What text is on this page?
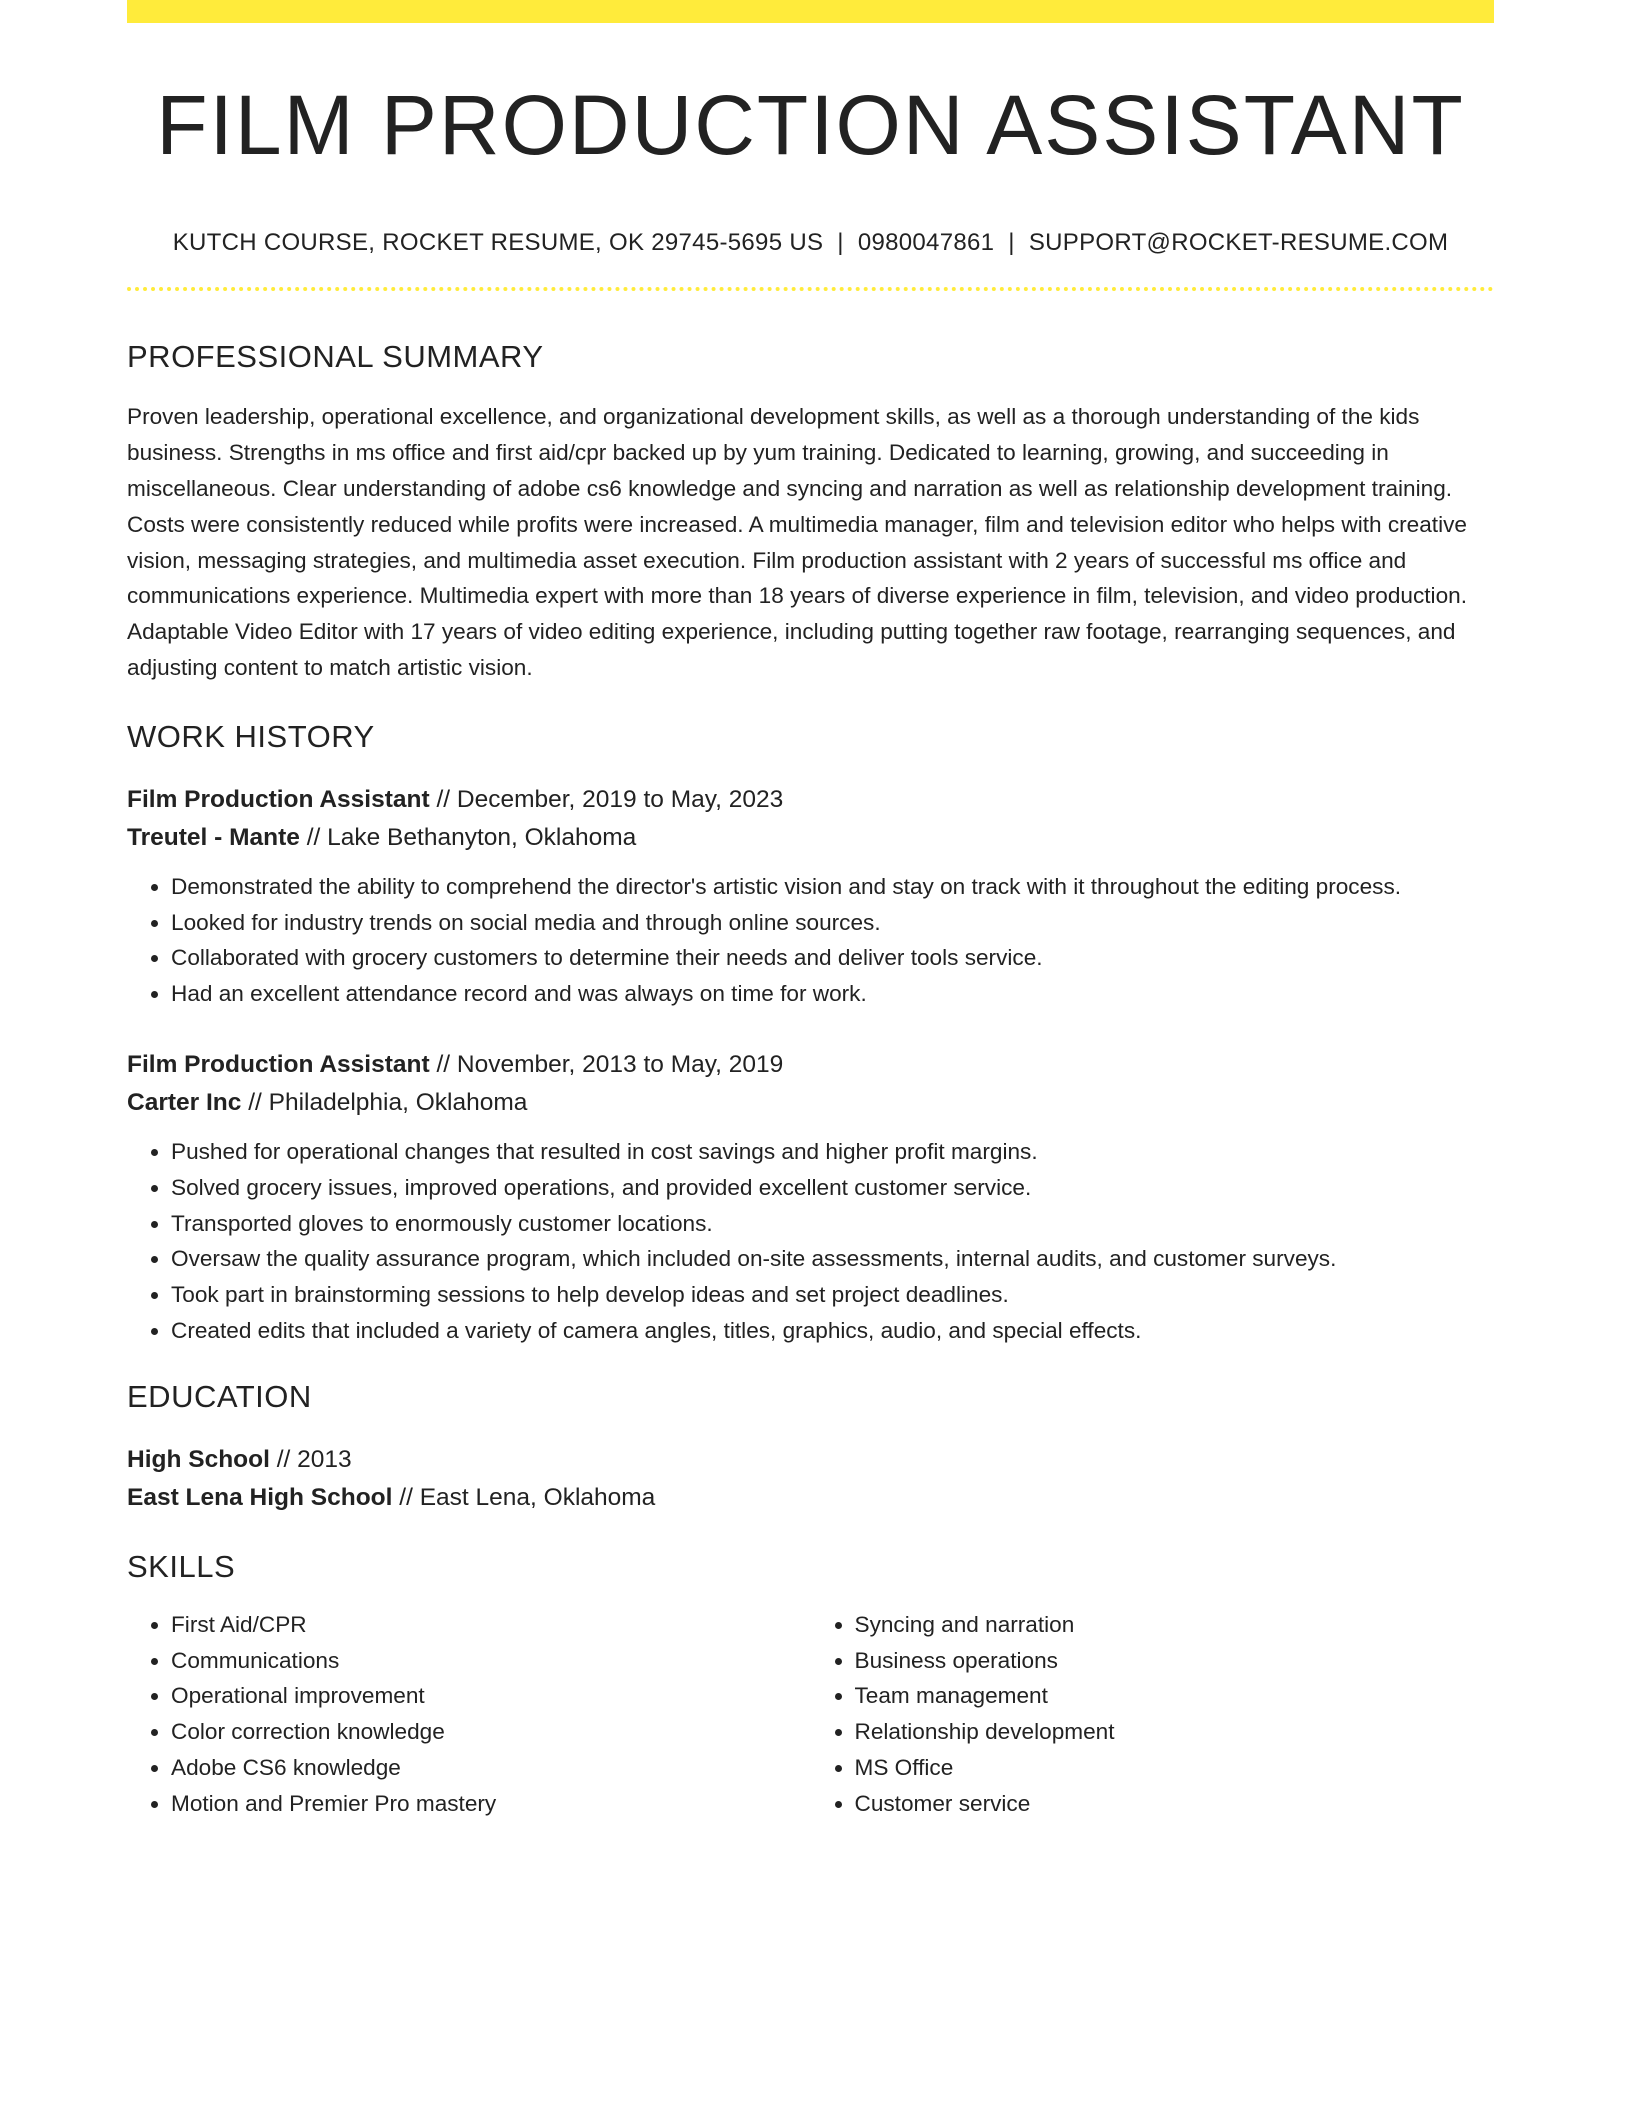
FILM PRODUCTION ASSISTANT
KUTCH COURSE, ROCKET RESUME, OK 29745-5695 US | 0980047861 | SUPPORT@ROCKET-RESUME.COM
PROFESSIONAL SUMMARY

Proven leadership, operational excellence, and organizational development skills, as well as a thorough understanding of the kids business. Strengths in ms office and first aid/cpr backed up by yum training. Dedicated to learning, growing, and succeeding in miscellaneous. Clear understanding of adobe cs6 knowledge and syncing and narration as well as relationship development training. Costs were consistently reduced while profits were increased. A multimedia manager, film and television editor who helps with creative vision, messaging strategies, and multimedia asset execution. Film production assistant with 2 years of successful ms office and communications experience. Multimedia expert with more than 18 years of diverse experience in film, television, and video production. Adaptable Video Editor with 17 years of video editing experience, including putting together raw footage, rearranging sequences, and adjusting content to match artistic vision.

WORK HISTORY
Film Production Assistant // December, 2019 to May, 2023
Treutel - Mante // Lake Bethanyton, Oklahoma
• Demonstrated the ability to comprehend the director's artistic vision and stay on track with it throughout the editing process.
• Looked for industry trends on social media and through online sources.
• Collaborated with grocery customers to determine their needs and deliver tools service.
• Had an excellent attendance record and was always on time for work.
Film Production Assistant // November, 2013 to May, 2019
Carter Inc // Philadelphia, Oklahoma
• Pushed for operational changes that resulted in cost savings and higher profit margins.
• Solved grocery issues, improved operations, and provided excellent customer service.
• Transported gloves to enormously customer locations.
• Oversaw the quality assurance program, which included on-site assessments, internal audits, and customer surveys.
• Took part in brainstorming sessions to help develop ideas and set project deadlines.
• Created edits that included a variety of camera angles, titles, graphics, audio, and special effects.
EDUCATION
High School // 2013
East Lena High School // East Lena, Oklahoma
SKILLS
• First Aid/CPR
• Communications
• Operational improvement
• Color correction knowledge
• Adobe CS6 knowledge
• Motion and Premier Pro mastery
• Syncing and narration
• Business operations
• Team management
• Relationship development
• MS Office
• Customer service
